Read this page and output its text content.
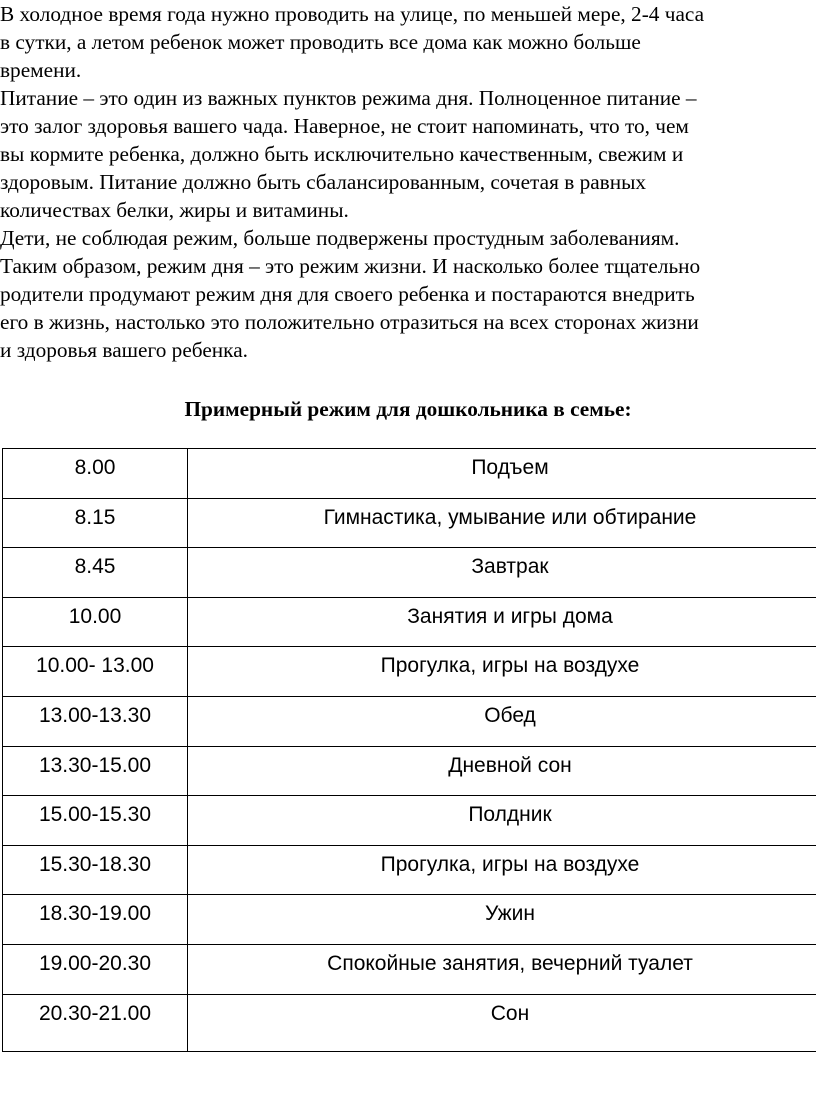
В холодное время года нужно проводить на улице, по меньшей мере, 2-4 часа
в сутки, а летом ребенок может проводить все дома как можно больше
времени.
Питание – это один из важных пунктов режима дня. Полноценное питание –
это залог здоровья вашего чада. Наверное, не стоит напоминать, что то, чем
вы кормите ребенка, должно быть исключительно качественным, свежим и
здоровым. Питание должно быть сбалансированным, сочетая в равных
количествах белки, жиры и витамины.
Дети, не соблюдая режим, больше подвержены простудным заболеваниям.
Таким образом, режим дня – это режим жизни. И насколько более тщательно
родители продумают режим дня для своего ребенка и постараются внедрить
его в жизнь, настолько это положительно отразиться на всех сторонах жизни
и здоровья вашего ребенка.
Примерный режим для дошкольника в семье:
8.00	Подъем

8.15	Гимнастика, умывание или обтирание

8.45	Завтрак

10.00	Занятия и игры дома

10.00- 13.00	Прогулка, игры на воздухе

13.00-13.30	Обед

13.30-15.00	Дневной сон

15.00-15.30	Полдник

15.30-18.30	Прогулка, игры на воздухе

18.30-19.00	Ужин

19.00-20.30	Спокойные занятия, вечерний туалет

20.30-21.00	Сон
